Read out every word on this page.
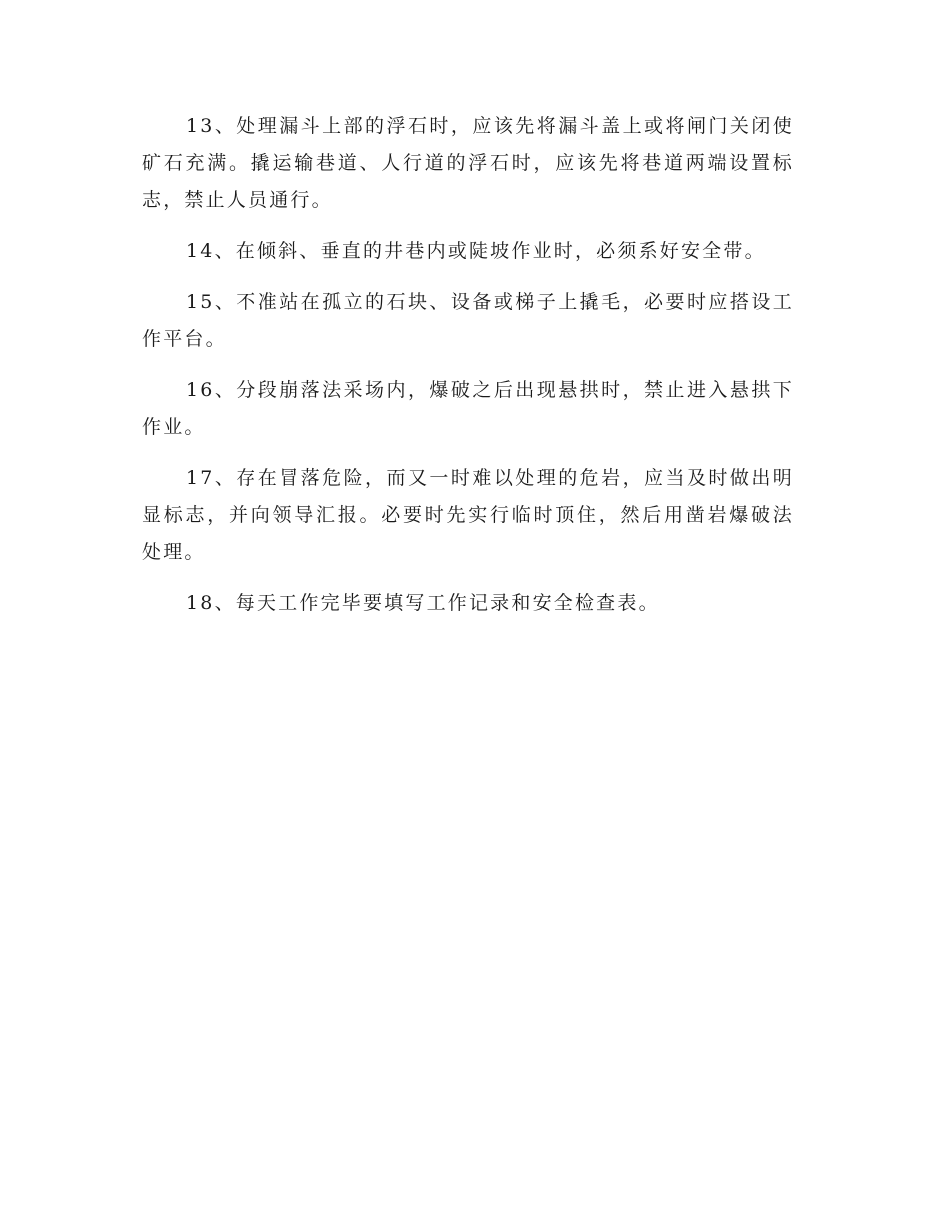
13、处理漏斗上部的浮石时，应该先将漏斗盖上或将闸门关闭使矿石充满。撬运输巷道、人行道的浮石时，应该先将巷道两端设置标志，禁止人员通行。

14、在倾斜、垂直的井巷内或陡坡作业时，必须系好安全带。

15、不准站在孤立的石块、设备或梯子上撬毛，必要时应搭设工作平台。

16、分段崩落法采场内，爆破之后出现悬拱时，禁止进入悬拱下作业。

17、存在冒落危险，而又一时难以处理的危岩，应当及时做出明显标志，并向领导汇报。必要时先实行临时顶住，然后用凿岩爆破法处理。

18、每天工作完毕要填写工作记录和安全检查表。
